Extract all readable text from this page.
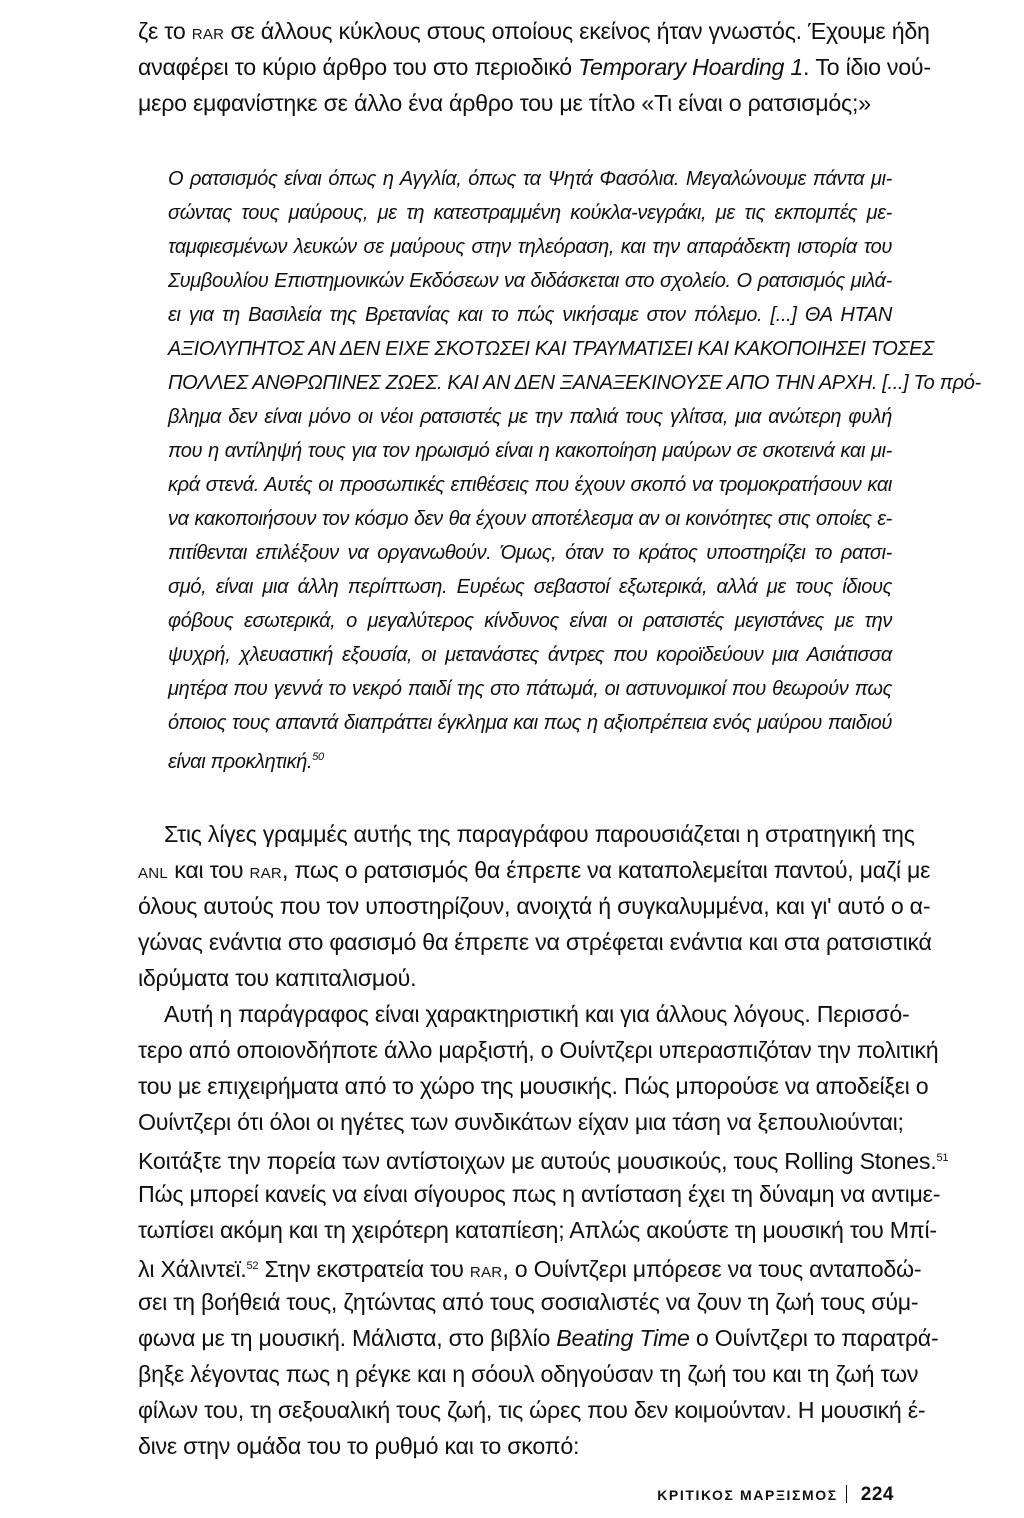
ζε το RAR σε άλλους κύκλους στους οποίους εκείνος ήταν γνωστός. Έχουμε ήδη
αναφέρει το κύριο άρθρο του στο περιοδικό Temporary Hoarding 1. Το ίδιο νού-
μερο εμφανίστηκε σε άλλο ένα άρθρο του με τίτλο «Τι είναι ο ρατσισμός;»
Ο ρατσισμός είναι όπως η Αγγλία, όπως τα Ψητά Φασόλια. Μεγαλώνουμε πάντα μι-
σώντας τους μαύρους, με τη κατεστραμμένη κούκλα-νεγράκι, με τις εκπομπές με-
ταμφιεσμένων λευκών σε μαύρους στην τηλεόραση, και την απαράδεκτη ιστορία του
Συμβουλίου Επιστημονικών Εκδόσεων να διδάσκεται στο σχολείο. Ο ρατσισμός μιλά-
ει για τη Βασιλεία της Βρετανίας και το πώς νικήσαμε στον πόλεμο. [...] ΘΑ ΗΤΑΝ
ΑΞΙΟΛΥΠΗΤΟΣ ΑΝ ΔΕΝ ΕΙΧΕ ΣΚΟΤΩΣΕΙ ΚΑΙ ΤΡΑΥΜΑΤΙΣΕΙ ΚΑΙ ΚΑΚΟΠΟΙΗΣΕΙ ΤΟΣΕΣ
ΠΟΛΛΕΣ ΑΝΘΡΩΠΙΝΕΣ ΖΩΕΣ. ΚΑΙ ΑΝ ΔΕΝ ΞΑΝΑΞΕΚΙΝΟΥΣΕ ΑΠΟ ΤΗΝ ΑΡΧΗ. [...] Το πρό-
βλημα δεν είναι μόνο οι νέοι ρατσιστές με την παλιά τους γλίτσα, μια ανώτερη φυλή
που η αντίληψή τους για τον ηρωισμό είναι η κακοποίηση μαύρων σε σκοτεινά και μι-
κρά στενά. Αυτές οι προσωπικές επιθέσεις που έχουν σκοπό να τρομοκρατήσουν και
να κακοποιήσουν τον κόσμο δεν θα έχουν αποτέλεσμα αν οι κοινότητες στις οποίες ε-
πιτίθενται επιλέξουν να οργανωθούν. Όμως, όταν το κράτος υποστηρίζει το ρατσι-
σμό, είναι μια άλλη περίπτωση. Ευρέως σεβαστοί εξωτερικά, αλλά με τους ίδιους
φόβους εσωτερικά, ο μεγαλύτερος κίνδυνος είναι οι ρατσιστές μεγιστάνες με την
ψυχρή, χλευαστική εξουσία, οι μετανάστες άντρες που κοροϊδεύουν μια Ασιάτισσα
μητέρα που γεννά το νεκρό παιδί της στο πάτωμά, οι αστυνομικοί που θεωρούν πως
όποιος τους απαντά διαπράττει έγκλημα και πως η αξιοπρέπεια ενός μαύρου παιδιού
είναι προκλητική.$^{50}$
Στις λίγες γραμμές αυτής της παραγράφου παρουσιάζεται η στρατηγική της
ANL και του RAR, πως ο ρατσισμός θα έπρεπε να καταπολεμείται παντού, μαζί με
όλους αυτούς που τον υποστηρίζουν, ανοιχτά ή συγκαλυμμένα, και γι' αυτό ο α-
γώνας ενάντια στο φασισμό θα έπρεπε να στρέφεται ενάντια και στα ρατσιστικά
ιδρύματα του καπιταλισμού.
Αυτή η παράγραφος είναι χαρακτηριστική και για άλλους λόγους. Περισσό-
τερο από οποιονδήποτε άλλο μαρξιστή, ο Ουίντζερι υπερασπιζόταν την πολιτική
του με επιχειρήματα από το χώρο της μουσικής. Πώς μπορούσε να αποδείξει ο
Ουίντζερι ότι όλοι οι ηγέτες των συνδικάτων είχαν μια τάση να ξεπουλιούνται;
Κοιτάξτε την πορεία των αντίστοιχων με αυτούς μουσικούς, τους Rolling Stones.$^{51}$
Πώς μπορεί κανείς να είναι σίγουρος πως η αντίσταση έχει τη δύναμη να αντιμε-
τωπίσει ακόμη και τη χειρότερη καταπίεση; Απλώς ακούστε τη μουσική του Μπί-
λι Χάλιντεϊ.$^{52}$ Στην εκστρατεία του RAR, ο Ουίντζερι μπόρεσε να τους ανταποδώ-
σει τη βοήθειά τους, ζητώντας από τους σοσιαλιστές να ζουν τη ζωή τους σύμ-
φωνα με τη μουσική. Μάλιστα, στο βιβλίο Beating Time ο Ουίντζερι το παρατρά-
βηξε λέγοντας πως η ρέγκε και η σόουλ οδηγούσαν τη ζωή του και τη ζωή των
φίλων του, τη σεξουαλική τους ζωή, τις ώρες που δεν κοιμούνταν. Η μουσική έ-
δινε στην ομάδα του το ρυθμό και το σκοπό:
ΚΡΙΤΙΚΟΣ ΜΑΡΞΙΣΜΟΣ 224
